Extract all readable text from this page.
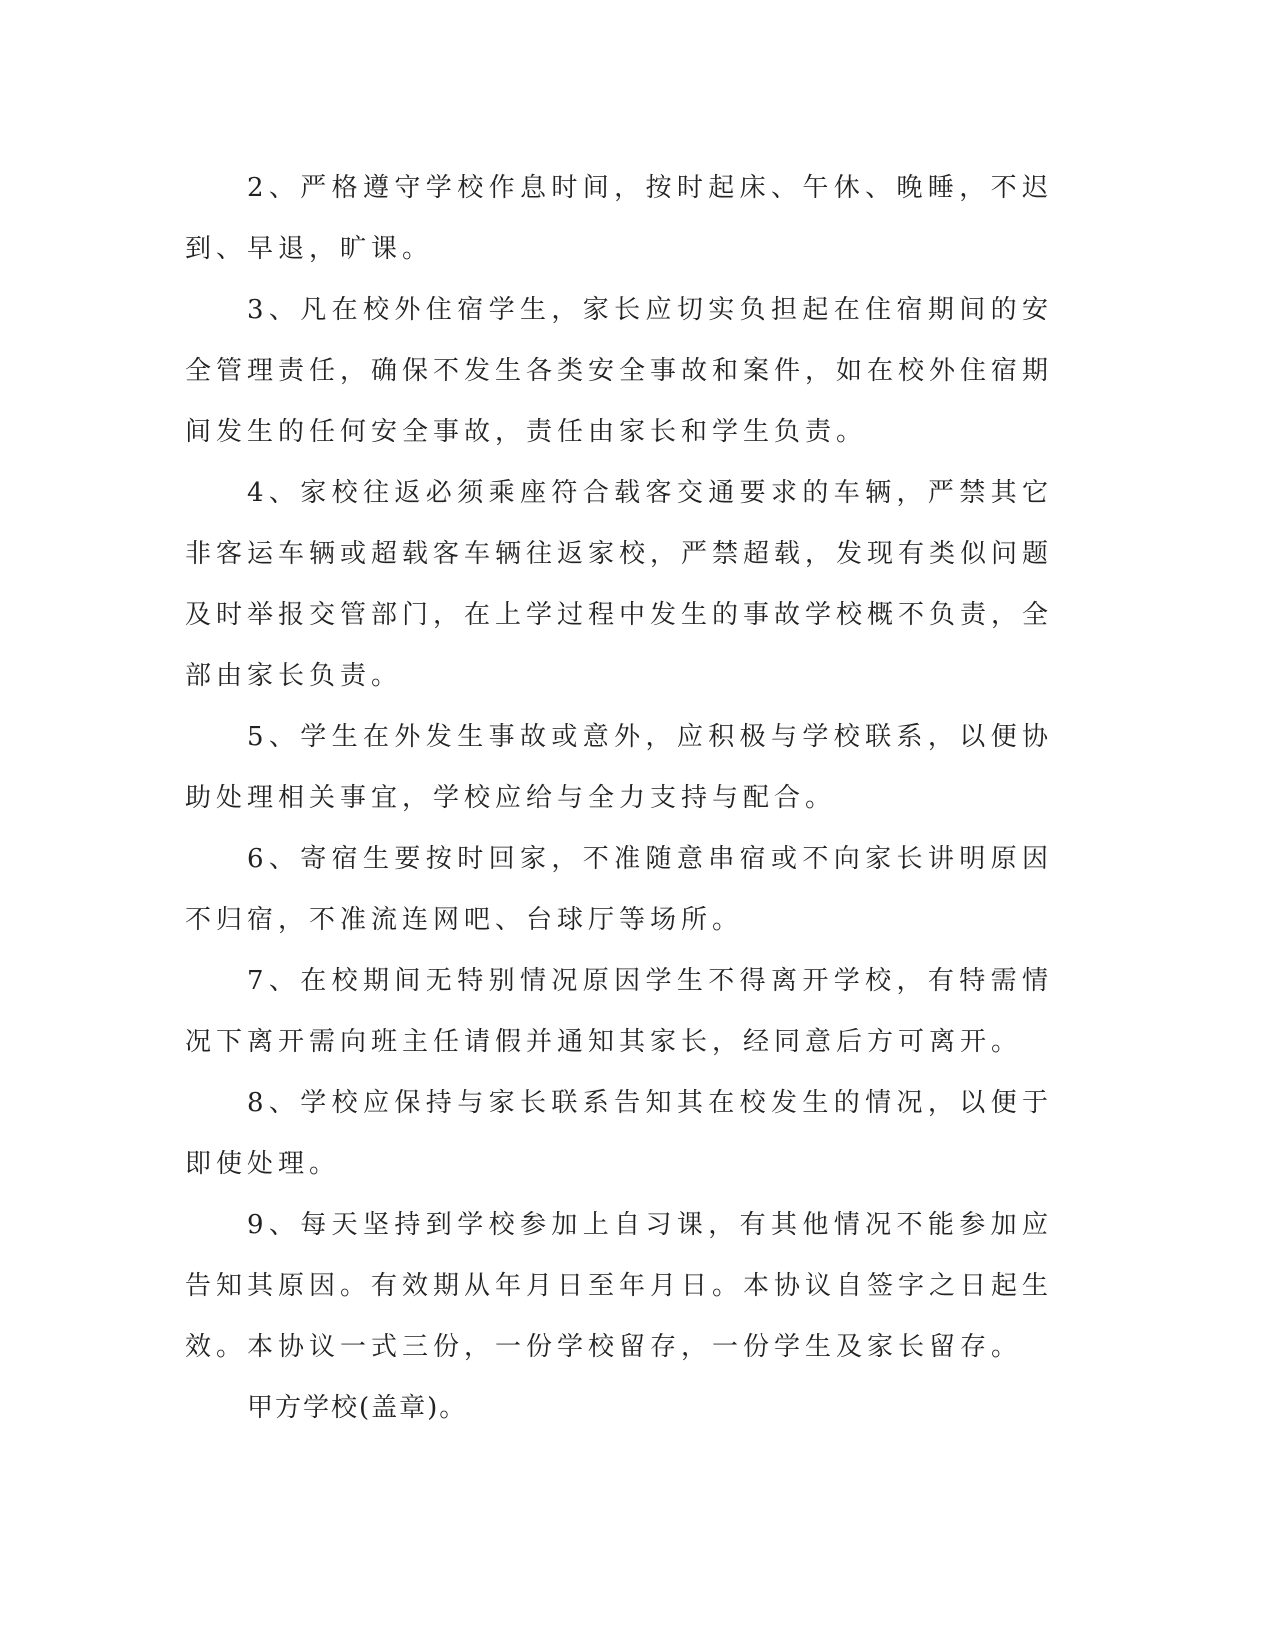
2、严格遵守学校作息时间，按时起床、午休、晚睡，不迟到、早退，旷课。

3、凡在校外住宿学生，家长应切实负担起在住宿期间的安全管理责任，确保不发生各类安全事故和案件，如在校外住宿期间发生的任何安全事故，责任由家长和学生负责。

4、家校往返必须乘座符合载客交通要求的车辆，严禁其它非客运车辆或超载客车辆往返家校，严禁超载，发现有类似问题及时举报交管部门，在上学过程中发生的事故学校概不负责，全部由家长负责。

5、学生在外发生事故或意外，应积极与学校联系，以便协助处理相关事宜，学校应给与全力支持与配合。

6、寄宿生要按时回家，不准随意串宿或不向家长讲明原因不归宿，不准流连网吧、台球厅等场所。

7、在校期间无特别情况原因学生不得离开学校，有特需情况下离开需向班主任请假并通知其家长，经同意后方可离开。

8、学校应保持与家长联系告知其在校发生的情况，以便于即使处理。

9、每天坚持到学校参加上自习课，有其他情况不能参加应告知其原因。有效期从年月日至年月日。本协议自签字之日起生效。本协议一式三份，一份学校留存，一份学生及家长留存。

甲方学校(盖章)。
